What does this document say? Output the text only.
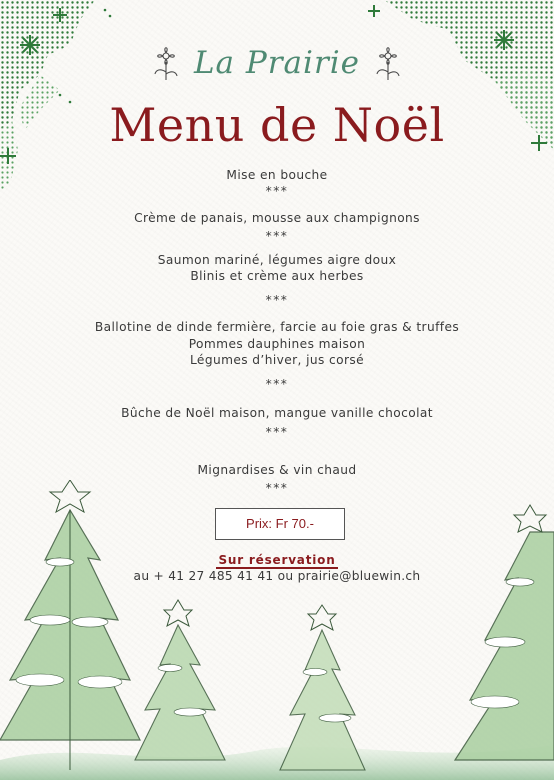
La Prairie
Menu de Noël
Mise en bouche
***
Crème de panais, mousse aux champignons
***
Saumon mariné, légumes aigre doux
Blinis et crème aux herbes
***
Ballotine de dinde fermière, farcie au foie gras & truffes
Pommes dauphines maison
Légumes d’hiver, jus corsé
***
Bûche de Noël maison, mangue vanille chocolat
***
Mignardises & vin chaud
***
Prix: Fr 70.-
Sur réservation
au + 41 27 485 41 41 ou prairie@bluewin.ch
